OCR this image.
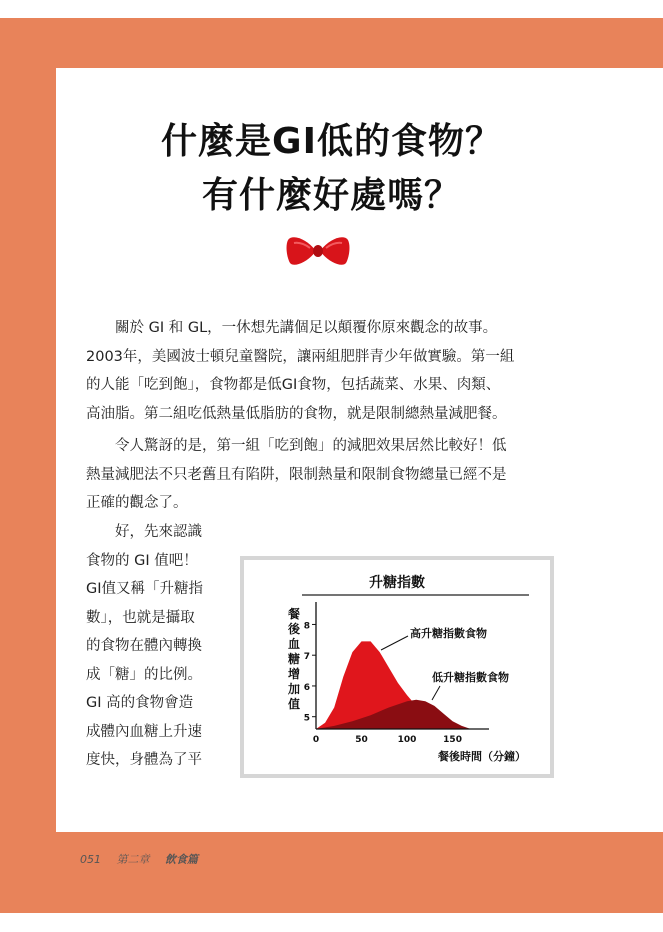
什麼是GI低的食物？
有什麼好處嗎？

關於 GI 和 GL，一休想先講個足以顛覆你原來觀念的故事。

2003年，美國波士頓兒童醫院，讓兩組肥胖青少年做實驗。第一組

的人能「吃到飽」，食物都是低GI食物，包括蔬菜、水果、肉類、

高油脂。第二組吃低熱量低脂肪的食物，就是限制總熱量減肥餐。

令人驚訝的是，第一組「吃到飽」的減肥效果居然比較好！低

熱量減肥法不只老舊且有陷阱，限制熱量和限制食物總量已經不是

正確的觀念了。

好，先來認識

食物的 GI 值吧！

GI值又稱「升糖指

數」，也就是攝取

的食物在體內轉換

成「糖」的比例。

GI 高的食物會造

成體內血糖上升速

度快，身體為了平

升糖指數
5
6
7
8
0	50	100	150
餐
後
血
糖
增
加
值
餐後時間（分鐘）
高升糖指數食物
低升糖指數食物
051 第二章 飲食篇
